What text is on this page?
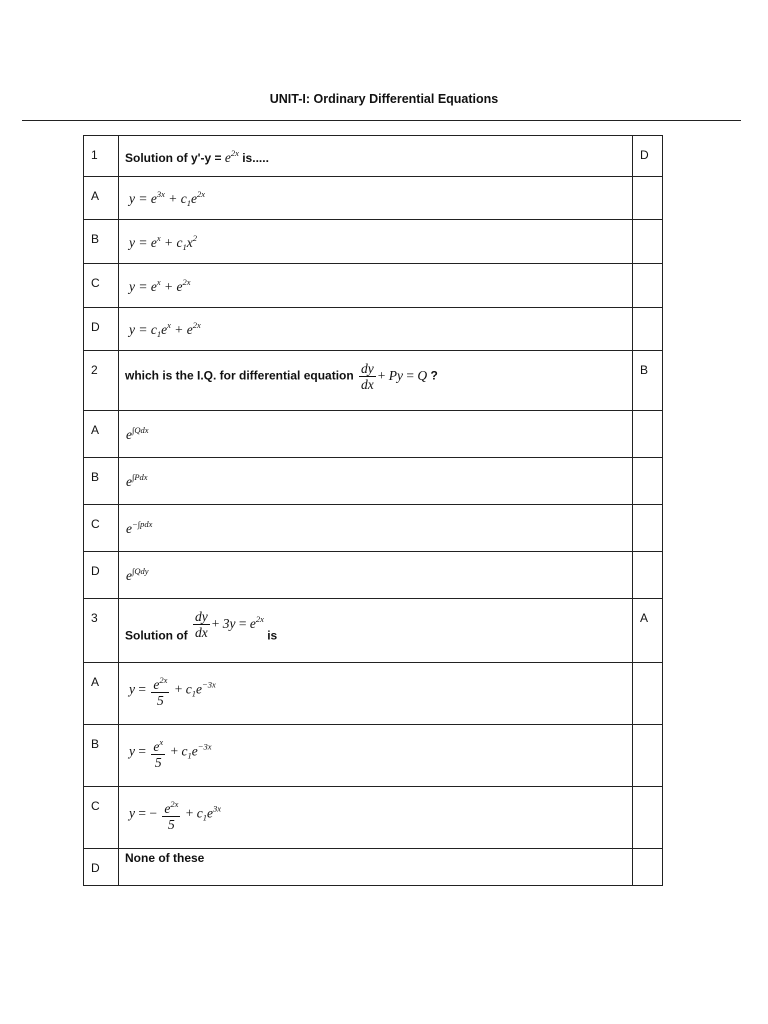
UNIT-I: Ordinary Differential Equations
1	Solution of $y'-y = e^{2x}$ is.....	D

A	$y = e^{3x} + c_1e^{2x}$

B	$y = e^x + c_1x^2$

C	$y = e^x + e^{2x}$

D	$y = c_1e^x + e^{2x}$

2	which is the I.Q. for differential equation $\frac{dy}{dx} + Py = Q$ ?	B

A	$e^{\int Qdx}$

B	$e^{\int Pdx}$

C	$e^{-\int pdx}$

D	$e^{\int Qdy}$

3	Solution of $\frac{dy}{dx} + 3y = e^{2x}$ is	A

A	$y = \frac{e^{2x}}{5} + c_1e^{-3x}$

B	$y = \frac{e^x}{5} + c_1e^{-3x}$

C	y = − $\frac{e^{2x}}{5} + c_1e^{3x}$

D	None of these	
